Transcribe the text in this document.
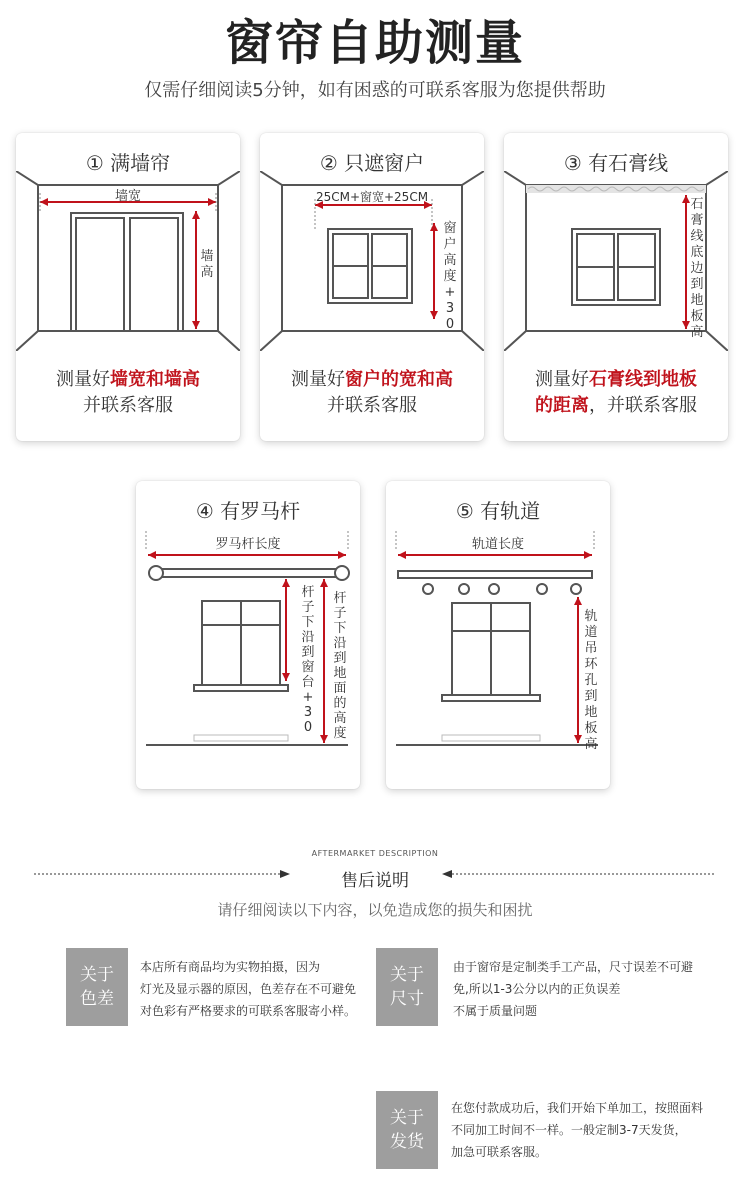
窗帘自助测量
仅需仔细阅读5分钟，如有困惑的可联系客服为您提供帮助
① 满墙帘
墙宽
墙高
测量好墙宽和墙高
并联系客服
② 只遮窗户
25CM+窗宽+25CM
窗户高度+30
测量好窗户的宽和高
并联系客服
③ 有石膏线
石膏线底边到地板高
测量好石膏线到地板
的距离，并联系客服
④ 有罗马杆
罗马杆长度
杆子下沿到窗台+30
杆子下沿到地面的高度
⑤ 有轨道
轨道长度
轨道吊环孔到地板高
AFTERMARKET DESCRIPTION
售后说明
请仔细阅读以下内容，以免造成您的损失和困扰
关于
色差
本店所有商品均为实物拍摄，因为
灯光及显示器的原因，色差存在不可避免
对色彩有严格要求的可联系客服寄小样。
关于
尺寸
由于窗帘是定制类手工产品，尺寸误差不可避
免,所以1-3公分以内的正负误差
不属于质量问题
关于
发货
在您付款成功后，我们开始下单加工，按照面料
不同加工时间不一样。一般定制3-7天发货，
加急可联系客服。
